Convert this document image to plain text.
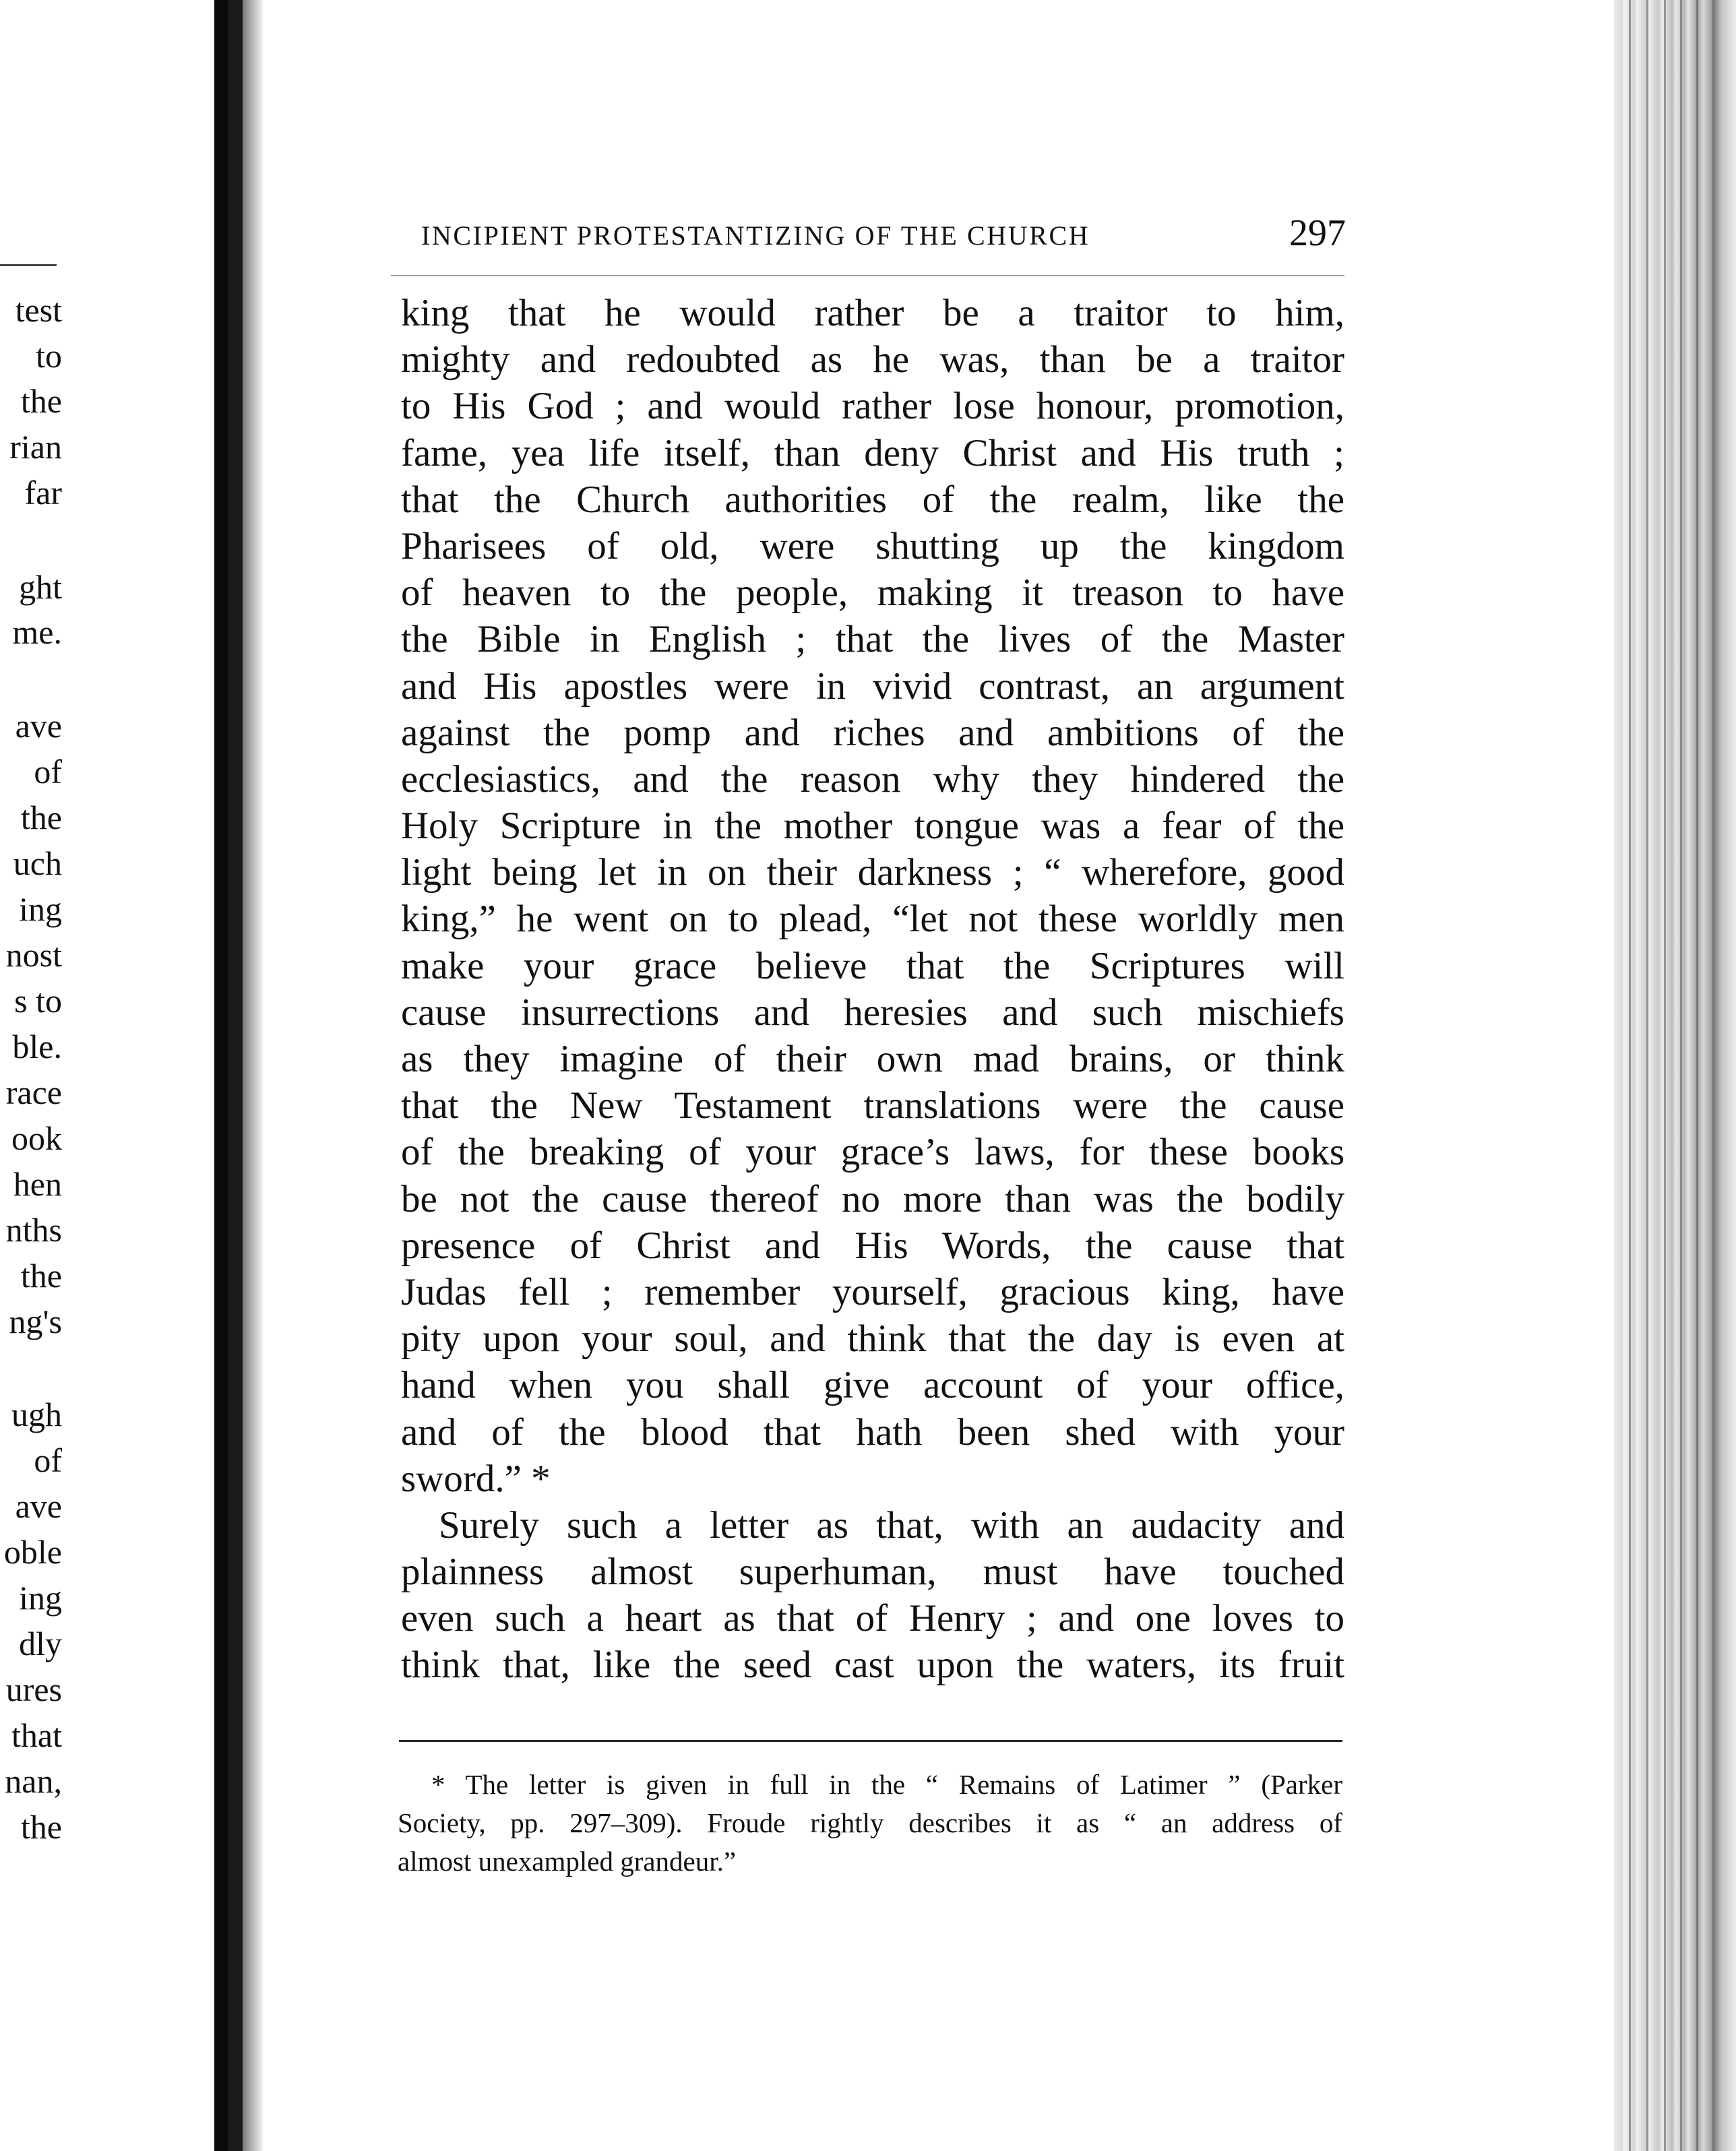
test
to
the
rian
far
ght
me.
ave
of
the
uch
ing
nost
s to
ble.
race
ook
hen
nths
the
ng's
ugh
of
ave
oble
ing
dly
ures
that
nan,
the
INCIPIENT PROTESTANTIZING OF THE CHURCH	297
king that he would rather be a traitor to him,
mighty and redoubted as he was, than be a traitor
to His God ; and would rather lose honour, promotion,
fame, yea life itself, than deny Christ and His truth ;
that the Church authorities of the realm, like the
Pharisees of old, were shutting up the kingdom
of heaven to the people, making it treason to have
the Bible in English ; that the lives of the Master
and His apostles were in vivid contrast, an argument
against the pomp and riches and ambitions of the
ecclesiastics, and the reason why they hindered the
Holy Scripture in the mother tongue was a fear of the
light being let in on their darkness ; “ wherefore, good
king,” he went on to plead, “let not these worldly men
make your grace believe that the Scriptures will
cause insurrections and heresies and such mischiefs
as they imagine of their own mad brains, or think
that the New Testament translations were the cause
of the breaking of your grace’s laws, for these books
be not the cause thereof no more than was the bodily
presence of Christ and His Words, the cause that
Judas fell ; remember yourself, gracious king, have
pity upon your soul, and think that the day is even at
hand when you shall give account of your office,
and of the blood that hath been shed with your
sword.” *
Surely such a letter as that, with an audacity and
plainness almost superhuman, must have touched
even such a heart as that of Henry ; and one loves to
think that, like the seed cast upon the waters, its fruit
* The letter is given in full in the “ Remains of Latimer ” (Parker
Society, pp. 297–309). Froude rightly describes it as “ an address of
almost unexampled grandeur.”
